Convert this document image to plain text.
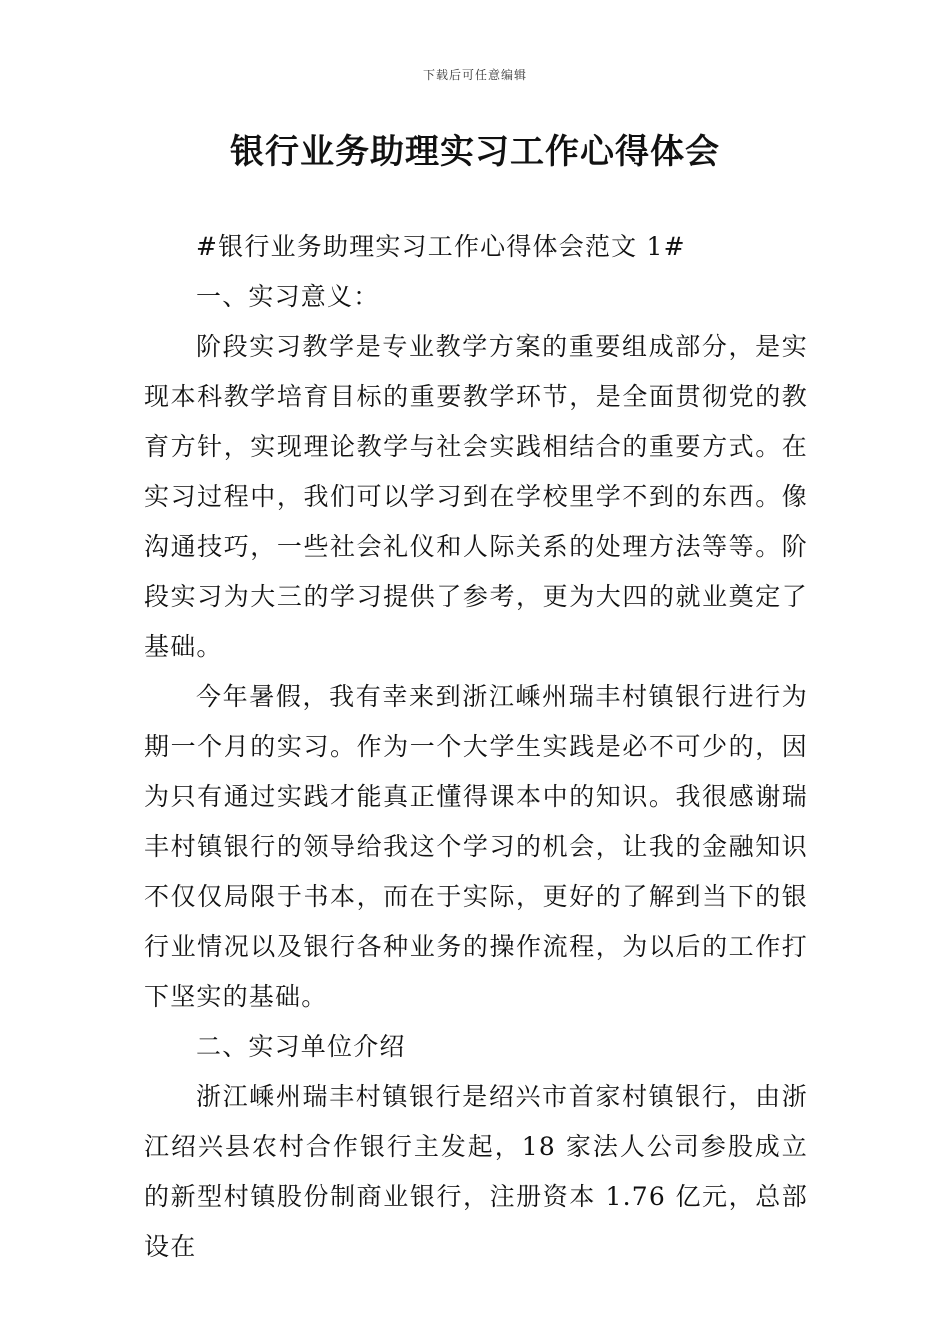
下载后可任意编辑
银行业务助理实习工作心得体会

#银行业务助理实习工作心得体会范文 1#

一、实习意义：

阶段实习教学是专业教学方案的重要组成部分，是实现本科教学培育目标的重要教学环节，是全面贯彻党的教育方针，实现理论教学与社会实践相结合的重要方式。在实习过程中，我们可以学习到在学校里学不到的东西。像沟通技巧，一些社会礼仪和人际关系的处理方法等等。阶段实习为大三的学习提供了参考，更为大四的就业奠定了基础。

今年暑假，我有幸来到浙江嵊州瑞丰村镇银行进行为期一个月的实习。作为一个大学生实践是必不可少的，因为只有通过实践才能真正懂得课本中的知识。我很感谢瑞丰村镇银行的领导给我这个学习的机会，让我的金融知识不仅仅局限于书本，而在于实际，更好的了解到当下的银行业情况以及银行各种业务的操作流程，为以后的工作打下坚实的基础。

二、实习单位介绍

浙江嵊州瑞丰村镇银行是绍兴市首家村镇银行，由浙江绍兴县农村合作银行主发起，18 家法人公司参股成立的新型村镇股份制商业银行，注册资本 1.76 亿元，总部设在
